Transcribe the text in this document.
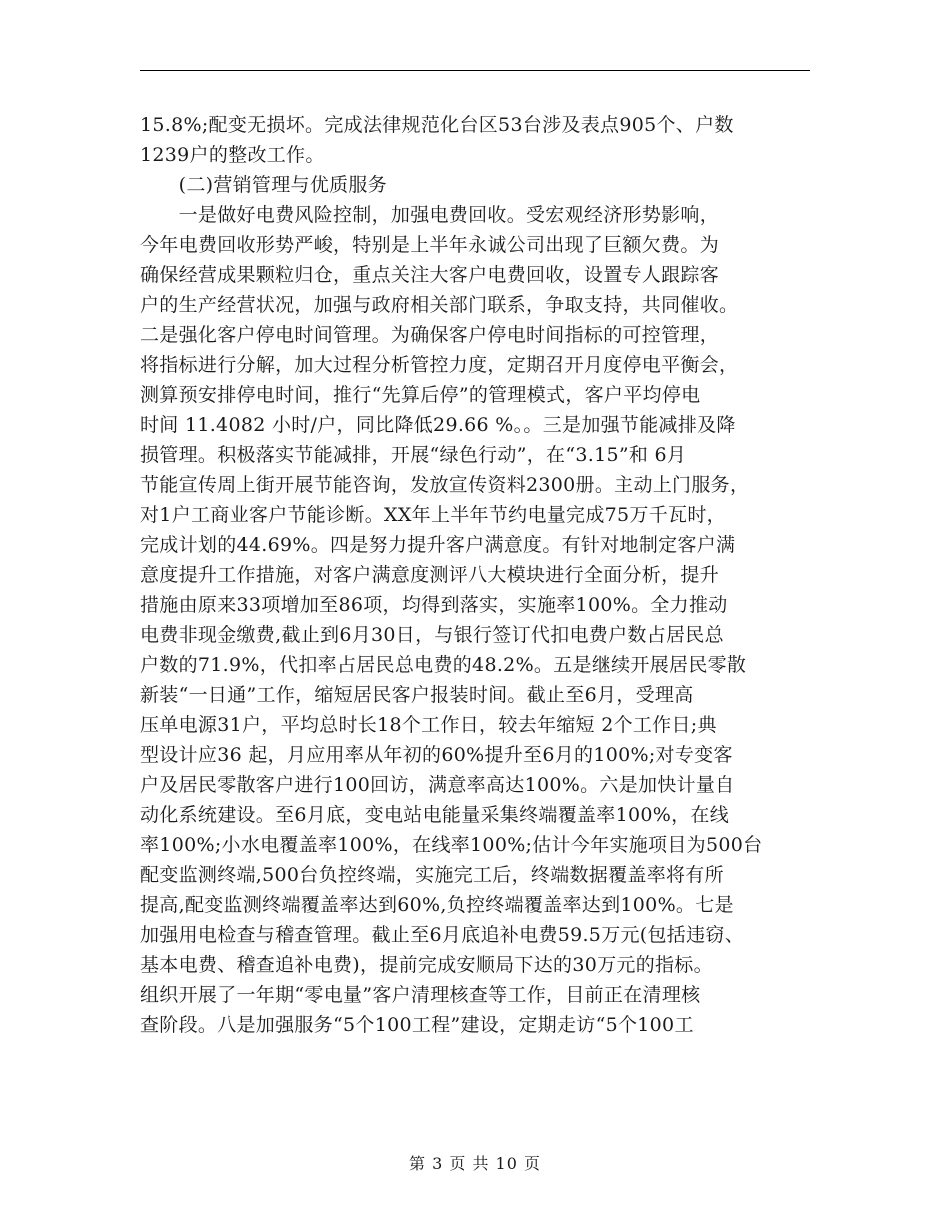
15.8%;配变无损坏。完成法律规范化台区53台涉及表点905个、户数
1239户的整改工作。
　　(二)营销管理与优质服务
　　一是做好电费风险控制，加强电费回收。受宏观经济形势影响，
今年电费回收形势严峻，特别是上半年永诚公司出现了巨额欠费。为
确保经营成果颗粒归仓，重点关注大客户电费回收，设置专人跟踪客
户的生产经营状况，加强与政府相关部门联系，争取支持，共同催收。
二是强化客户停电时间管理。为确保客户停电时间指标的可控管理，
将指标进行分解，加大过程分析管控力度，定期召开月度停电平衡会，
测算预安排停电时间，推行“先算后停”的管理模式，客户平均停电
时间 11.4082 小时/户，同比降低29.66 %。。三是加强节能减排及降
损管理。积极落实节能减排，开展“绿色行动”，在“3.15”和 6月
节能宣传周上街开展节能咨询，发放宣传资料2300册。主动上门服务，
对1户工商业客户节能诊断。XX年上半年节约电量完成75万千瓦时，
完成计划的44.69%。四是努力提升客户满意度。有针对地制定客户满
意度提升工作措施，对客户满意度测评八大模块进行全面分析，提升
措施由原来33项增加至86项，均得到落实，实施率100%。全力推动
电费非现金缴费,截止到6月30日，与银行签订代扣电费户数占居民总
户数的71.9%，代扣率占居民总电费的48.2%。五是继续开展居民零散
新装“一日通”工作，缩短居民客户报装时间。截止至6月，受理高
压单电源31户，平均总时长18个工作日，较去年缩短 2个工作日;典
型设计应36 起，月应用率从年初的60%提升至6月的100%;对专变客
户及居民零散客户进行100回访，满意率高达100%。六是加快计量自
动化系统建设。至6月底，变电站电能量采集终端覆盖率100%，在线
率100%;小水电覆盖率100%，在线率100%;估计今年实施项目为500台
配变监测终端,500台负控终端，实施完工后，终端数据覆盖率将有所
提高,配变监测终端覆盖率达到60%,负控终端覆盖率达到100%。七是
加强用电检查与稽查管理。截止至6月底追补电费59.5万元(包括违窃、
基本电费、稽查追补电费)，提前完成安顺局下达的30万元的指标。
组织开展了一年期“零电量”客户清理核查等工作，目前正在清理核
查阶段。八是加强服务“5个100工程”建设，定期走访“5个100工
第 3 页 共 10 页
